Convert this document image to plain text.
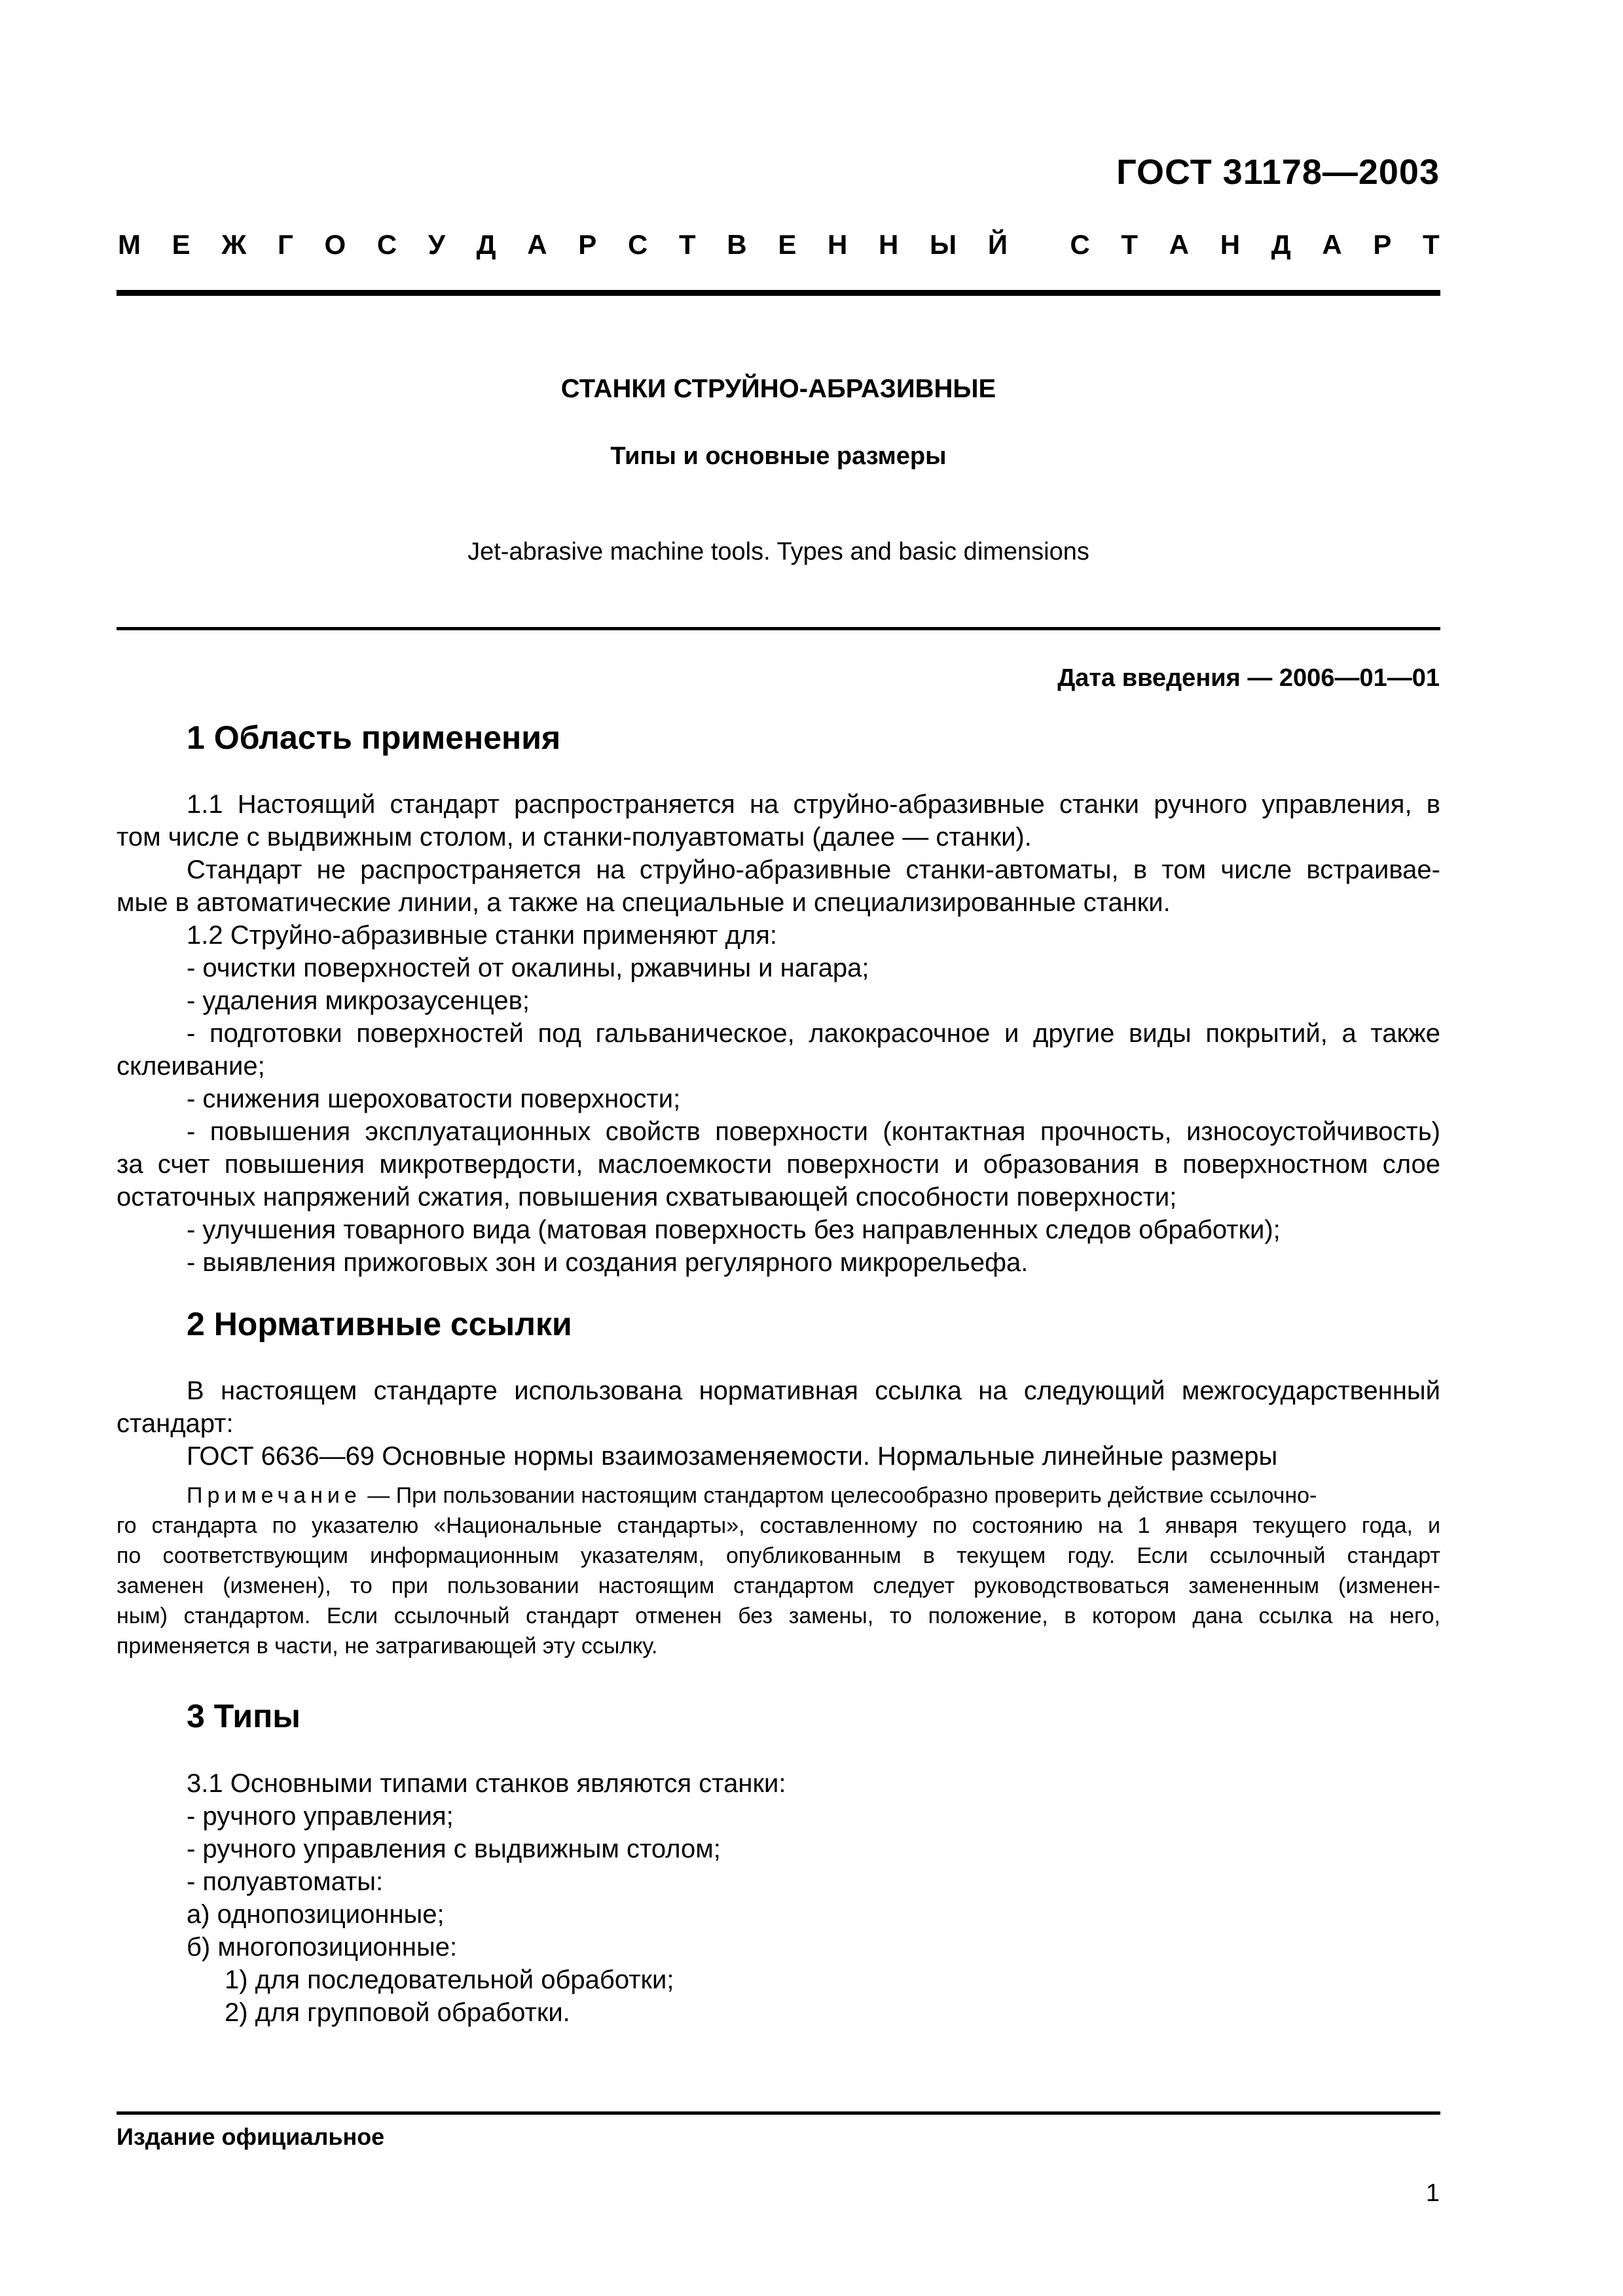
ГОСТ 31178—2003
М Е Ж Г О С У Д А Р С Т В Е Н Н Ы Й С Т А Н Д А Р Т
СТАНКИ СТРУЙНО-АБРАЗИВНЫЕ
Типы и основные размеры
Jet-abrasive machine tools. Types and basic dimensions
Дата введения — 2006—01—01
1 Область применения
1.1 Настоящий стандарт распространяется на струйно-абразивные станки ручного управления, в
том числе с выдвижным столом, и станки-полуавтоматы (далее — станки).
Стандарт не распространяется на струйно-абразивные станки-автоматы, в том числе встраивае-
мые в автоматические линии, а также на специальные и специализированные станки.
1.2 Струйно-абразивные станки применяют для:
- очистки поверхностей от окалины, ржавчины и нагара;
- удаления микрозаусенцев;
- подготовки поверхностей под гальваническое, лакокрасочное и другие виды покрытий, а также
склеивание;
- снижения шероховатости поверхности;
- повышения эксплуатационных свойств поверхности (контактная прочность, износоустойчивость)
за счет повышения микротвердости, маслоемкости поверхности и образования в поверхностном слое
остаточных напряжений сжатия, повышения схватывающей способности поверхности;
- улучшения товарного вида (матовая поверхность без направленных следов обработки);
- выявления прижоговых зон и создания регулярного микрорельефа.
2 Нормативные ссылки
В настоящем стандарте использована нормативная ссылка на следующий межгосударственный
стандарт:
ГОСТ 6636—69 Основные нормы взаимозаменяемости. Нормальные линейные размеры
Примечание — При пользовании настоящим стандартом целесообразно проверить действие ссылочно-
го стандарта по указателю «Национальные стандарты», составленному по состоянию на 1 января текущего года, и
по соответствующим информационным указателям, опубликованным в текущем году. Если ссылочный стандарт
заменен (изменен), то при пользовании настоящим стандартом следует руководствоваться замененным (изменен-
ным) стандартом. Если ссылочный стандарт отменен без замены, то положение, в котором дана ссылка на него,
применяется в части, не затрагивающей эту ссылку.
3 Типы
3.1 Основными типами станков являются станки:
- ручного управления;
- ручного управления с выдвижным столом;
- полуавтоматы:
а) однопозиционные;
б) многопозиционные:
1) для последовательной обработки;
2) для групповой обработки.
Издание официальное
1
